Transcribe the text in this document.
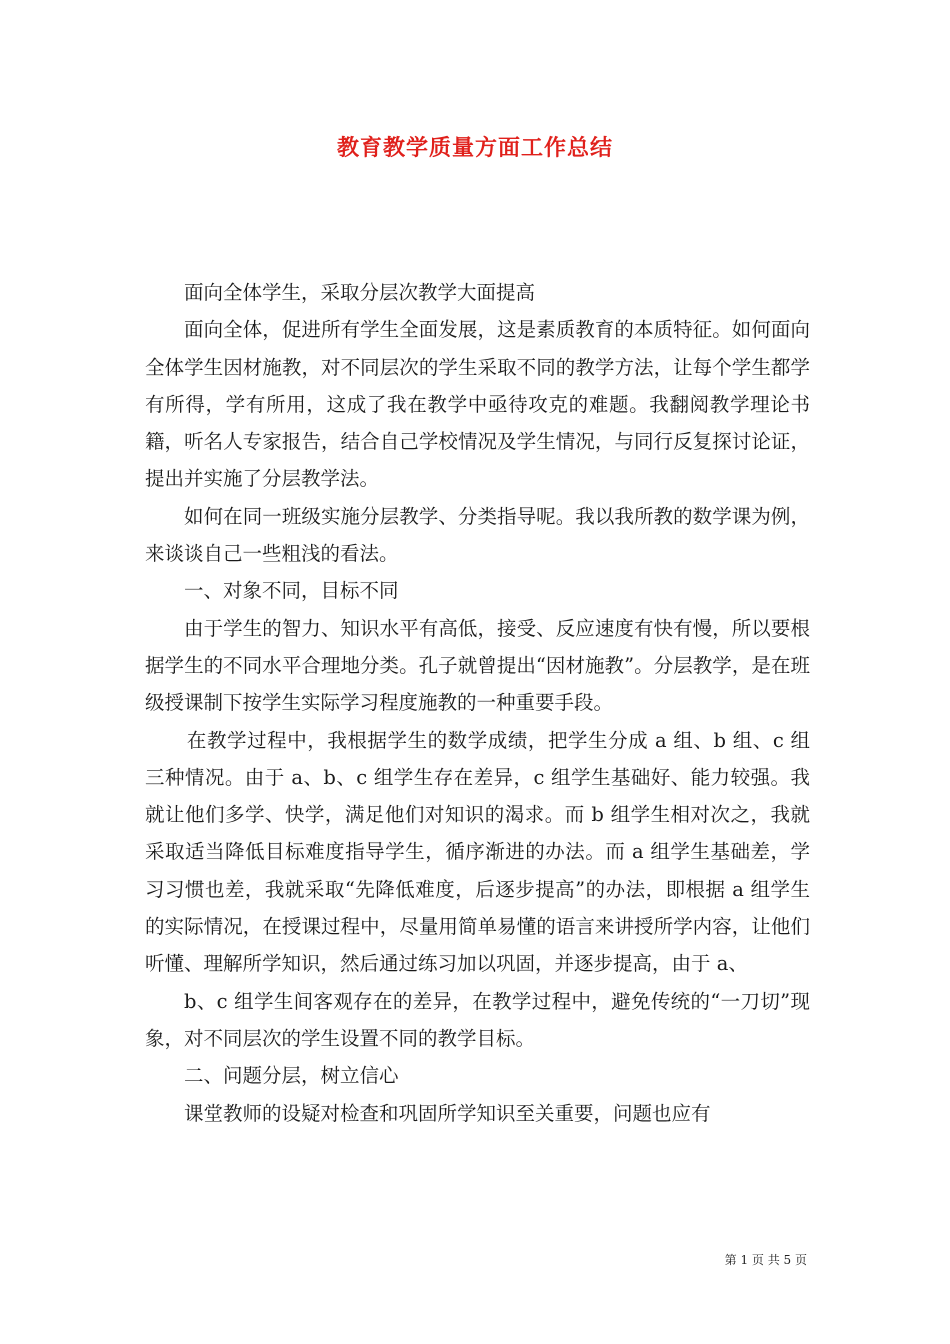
教育教学质量方面工作总结

面向全体学生，采取分层次教学大面提高

面向全体，促进所有学生全面发展，这是素质教育的本质特征。如何面向全体学生因材施教，对不同层次的学生采取不同的教学方法，让每个学生都学有所得，学有所用，这成了我在教学中亟待攻克的难题。我翻阅教学理论书籍，听名人专家报告，结合自己学校情况及学生情况，与同行反复探讨论证，提出并实施了分层教学法。

如何在同一班级实施分层教学、分类指导呢。我以我所教的数学课为例，来谈谈自己一些粗浅的看法。

一、对象不同，目标不同

由于学生的智力、知识水平有高低，接受、反应速度有快有慢，所以要根据学生的不同水平合理地分类。孔子就曾提出“因材施教”。分层教学，是在班级授课制下按学生实际学习程度施教的一种重要手段。

在教学过程中，我根据学生的数学成绩，把学生分成 a 组、b 组、c 组三种情况。由于 a、b、c 组学生存在差异，c 组学生基础好、能力较强。我就让他们多学、快学，满足他们对知识的渴求。而 b 组学生相对次之，我就采取适当降低目标难度指导学生，循序渐进的办法。而 a 组学生基础差，学习习惯也差，我就采取“先降低难度，后逐步提高”的办法，即根据 a 组学生的实际情况，在授课过程中，尽量用简单易懂的语言来讲授所学内容，让他们听懂、理解所学知识，然后通过练习加以巩固，并逐步提高，由于 a、

b、c 组学生间客观存在的差异，在教学过程中，避免传统的“一刀切”现象，对不同层次的学生设置不同的教学目标。

二、问题分层，树立信心

课堂教师的设疑对检查和巩固所学知识至关重要，问题也应有

第 1 页 共 5 页
